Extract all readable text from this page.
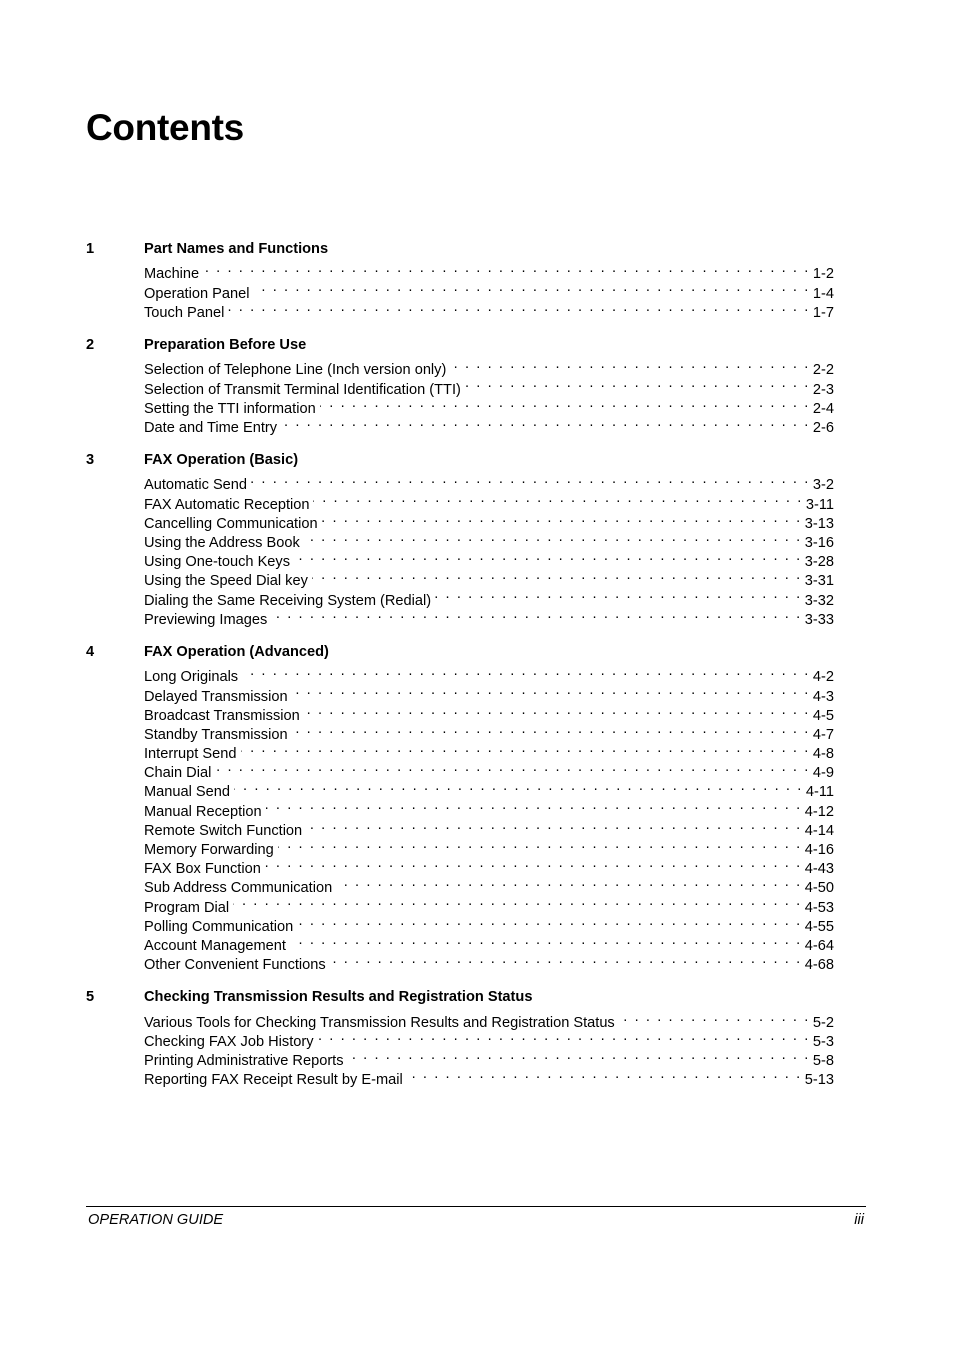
Contents
1	Part Names and Functions
Machine . . .	1-2
Operation Panel . . .	1-4
Touch Panel . . .	1-7
2	Preparation Before Use
Selection of Telephone Line (Inch version only) . . .	2-2
Selection of Transmit Terminal Identification (TTI) . . .	2-3
Setting the TTI information . . .	2-4
Date and Time Entry . . .	2-6
3	FAX Operation (Basic)
Automatic Send . . .	3-2
FAX Automatic Reception . . .	3-11
Cancelling Communication . . .	3-13
Using the Address Book . . .	3-16
Using One-touch Keys . . .	3-28
Using the Speed Dial key . . .	3-31
Dialing the Same Receiving System (Redial) . . .	3-32
Previewing Images . . .	3-33
4	FAX Operation (Advanced)
Long Originals . . .	4-2
Delayed Transmission . . .	4-3
Broadcast Transmission . . .	4-5
Standby Transmission . . .	4-7
Interrupt Send . . .	4-8
Chain Dial . . .	4-9
Manual Send . . .	4-11
Manual Reception . . .	4-12
Remote Switch Function . . .	4-14
Memory Forwarding . . .	4-16
FAX Box Function . . .	4-43
Sub Address Communication . . .	4-50
Program Dial . . .	4-53
Polling Communication . . .	4-55
Account Management . . .	4-64
Other Convenient Functions . . .	4-68
5	Checking Transmission Results and Registration Status
Various Tools for Checking Transmission Results and Registration Status . . .	5-2
Checking FAX Job History . . .	5-3
Printing Administrative Reports . . .	5-8
Reporting FAX Receipt Result by E-mail . . .	5-13
OPERATION GUIDE	iii
